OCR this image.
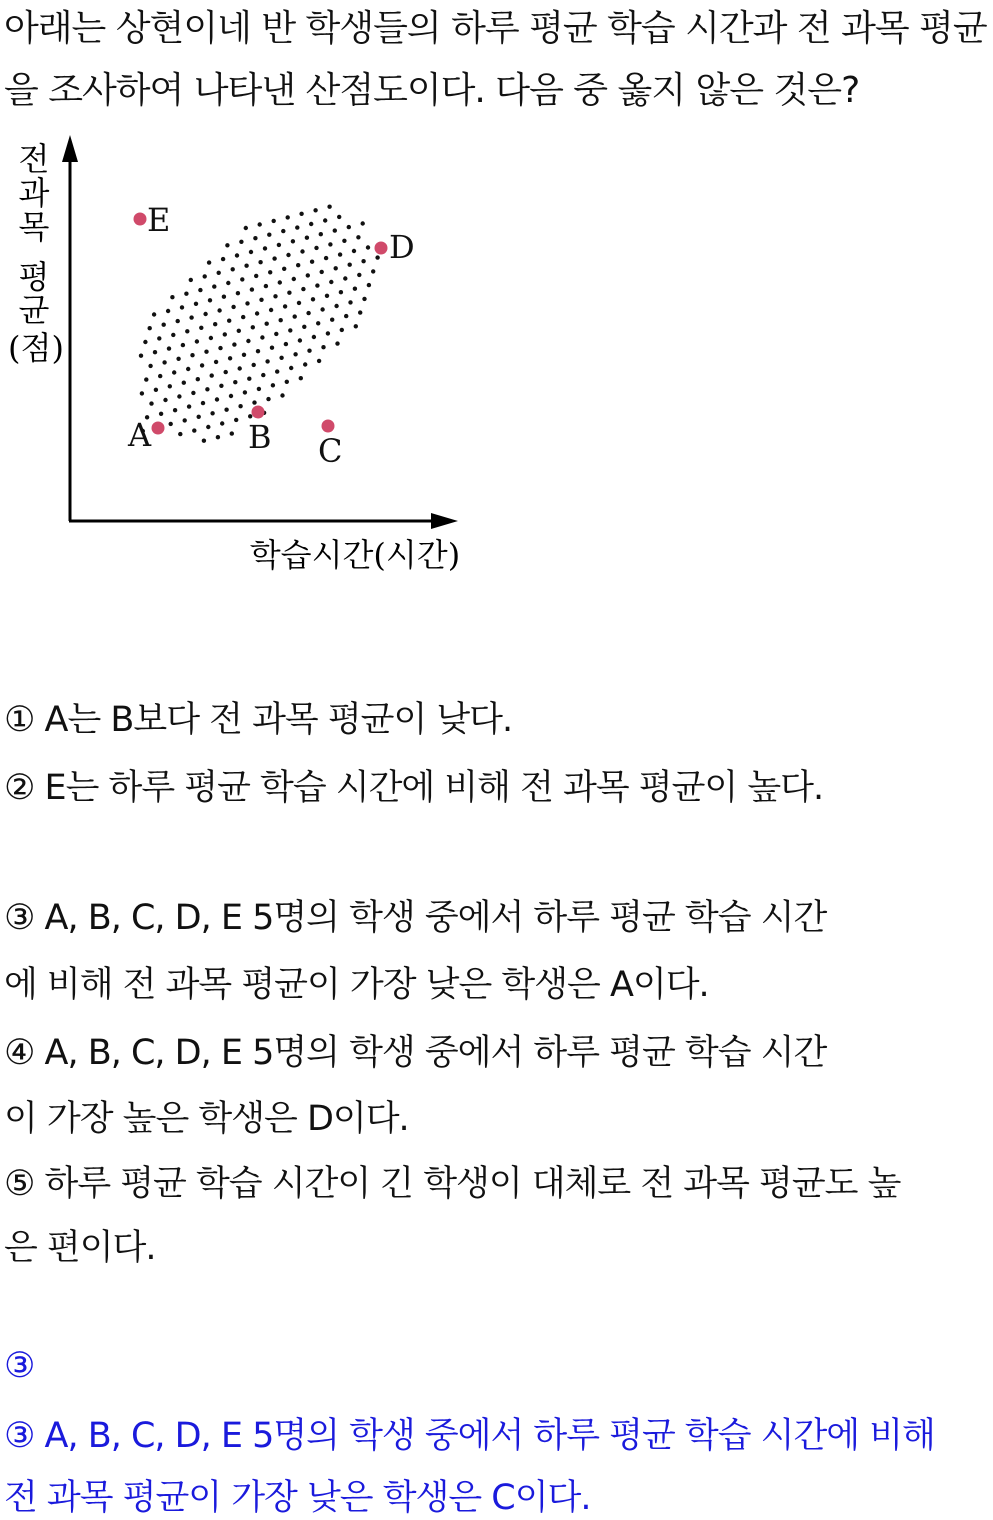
아래는 상현이네 반 학생들의 하루 평균 학습 시간과 전 과목 평균
을 조사하여 나타낸 산점도이다. 다음 중 옳지 않은 것은?
전
과
목
평
균
(점)
A	B C
D
E
학습시간(시간)
① A는 B보다 전 과목 평균이 낮다.
② E는 하루 평균 학습 시간에 비해 전 과목 평균이 높다.
③ A, B, C, D, E 5명의 학생 중에서 하루 평균 학습 시간
에 비해 전 과목 평균이 가장 낮은 학생은 A이다.
④ A, B, C, D, E 5명의 학생 중에서 하루 평균 학습 시간
이 가장 높은 학생은 D이다.
⑤ 하루 평균 학습 시간이 긴 학생이 대체로 전 과목 평균도 높
은 편이다.
③
③ A, B, C, D, E 5명의 학생 중에서 하루 평균 학습 시간에 비해
전 과목 평균이 가장 낮은 학생은 C이다.
